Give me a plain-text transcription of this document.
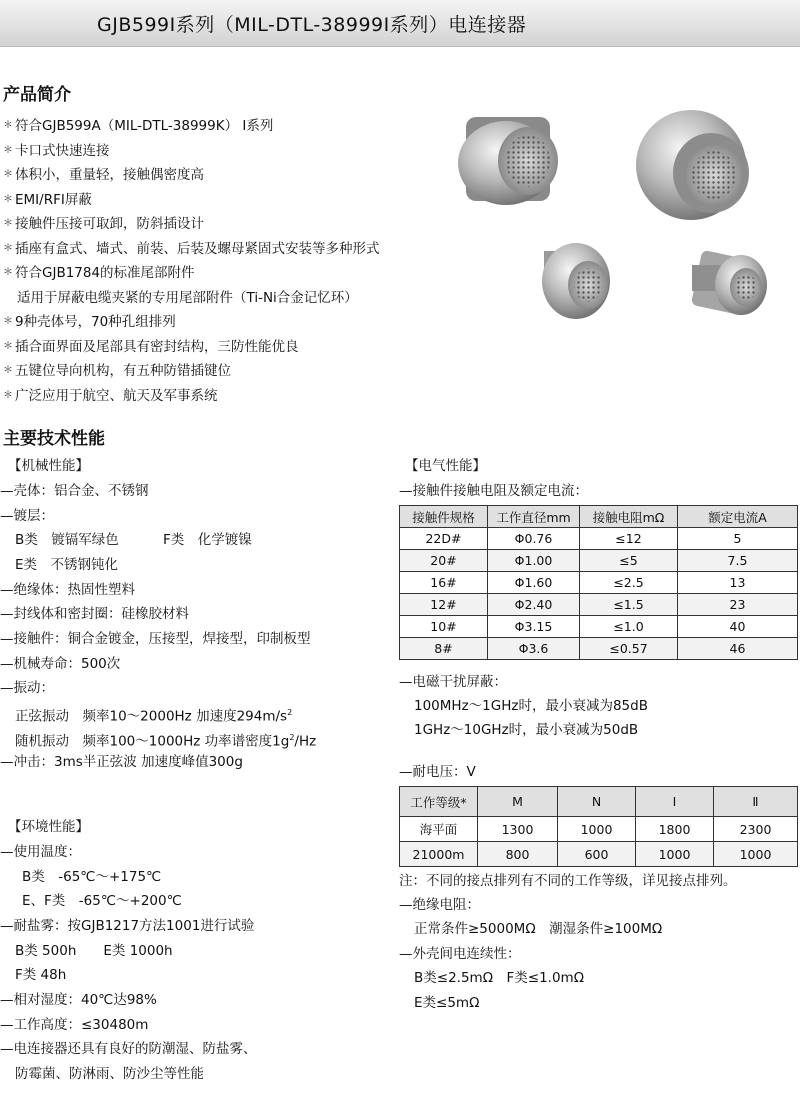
GJB599Ⅰ系列（MIL-DTL-38999Ⅰ系列）电连接器
产品简介
＊ 符合GJB599A（MIL-DTL-38999K） Ⅰ系列
＊ 卡口式快速连接
＊ 体积小，重量轻，接触偶密度高
＊ EMI/RFI屏蔽
＊ 接触件压接可取卸，防斜插设计
＊ 插座有盒式、墙式、前装、后装及螺母紧固式安装等多种形式
＊ 符合GJB1784的标准尾部附件
适用于屏蔽电缆夹紧的专用尾部附件（Ti-Ni合金记忆环）
＊ 9种壳体号，70种孔组排列
＊ 插合面界面及尾部具有密封结构，三防性能优良
＊ 五键位导向机构，有五种防错插键位
＊ 广泛应用于航空、航天及军事系统
主要技术性能
【机械性能】
—壳体：铝合金、不锈钢
—镀层：
B类　镀镉军绿色	F类　化学镀镍
E类　不锈钢钝化
—绝缘体：热固性塑料
—封线体和密封圈：硅橡胶材料
—接触件：铜合金镀金，压接型，焊接型，印制板型
—机械寿命：500次
—振动：
正弦振动　频率10～2000Hz 加速度$294m/s^2$
随机振动　频率100～1000Hz 功率谱密度$1g^2/Hz$
—冲击：3ms半正弦波 加速度峰值300g
【环境性能】
—使用温度：
B类　-65℃～+175℃
E、F类　-65℃～+200℃
—耐盐雾：按GJB1217方法1001进行试验
B类 500h　　E类 1000h
F类 48h
—相对湿度：40℃达98%
—工作高度：≤30480m
—电连接器还具有良好的防潮湿、防盐雾、
防霉菌、防淋雨、防沙尘等性能
【电气性能】
—接触件接触电阻及额定电流：
接触件规格	工作直径mm	接触电阻mΩ	额定电流A
22D#	Φ0.76	≤12	5
20#	Φ1.00	≤5	7.5
16#	Φ1.60	≤2.5	13
12#	Φ2.40	≤1.5	23
10#	Φ3.15	≤1.0	40
8#	Φ3.6	≤0.57	46
—电磁干扰屏蔽：
100MHz～1GHz时，最小衰减为85dB
1GHz～10GHz时，最小衰减为50dB
—耐电压：V
工作等级*	M	N	Ⅰ	Ⅱ
海平面	1300	1000	1800	2300
21000m	800	600	1000	1000
注：不同的接点排列有不同的工作等级，详见接点排列。
—绝缘电阻：
正常条件≥5000MΩ　潮湿条件≥100MΩ
—外壳间电连续性：
B类≤2.5mΩ　F类≤1.0mΩ
E类≤5mΩ
